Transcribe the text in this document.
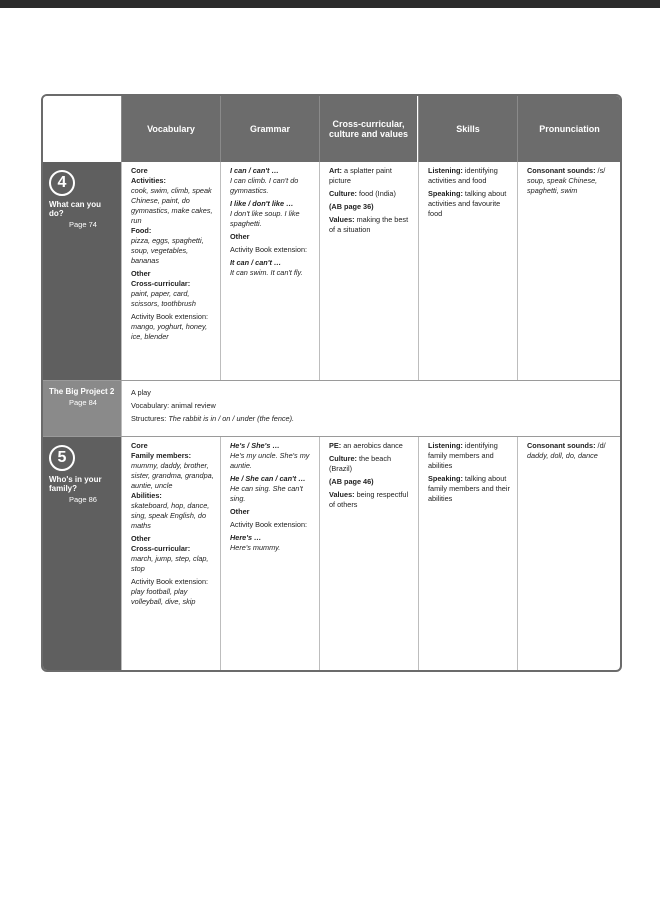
Vocabulary	Grammar
Cross-curricular, culture and values
Skills	Pronunciation
4
What can you do?
Page 74
Core
Activities:
cook, swim, climb, speak Chinese, paint, do gymnastics, make cakes, run
Food:
pizza, eggs, spaghetti, soup, vegetables, bananas
Other
Cross-curricular:
paint, paper, card, scissors, toothbrush
Activity Book extension:
mango, yoghurt, honey, ice, blender
I can / can't …
I can climb. I can't do gymnastics.
I like / don't like …
I don't like soup. I like spaghetti.
Other
Activity Book extension:
It can / can't …
It can swim. It can't fly.
Art: a splatter paint picture
Culture: food (India)
(AB page 36)
Values: making the best of a situation
Listening: identifying activities and food
Speaking: talking about activities and favourite food
Consonant sounds: /s/
soup, speak Chinese, spaghetti, swim
The Big Project 2
Page 84
A play
Vocabulary: animal review
Structures: The rabbit is in / on / under (the fence).
5
Who's in your family?
Page 86
Core
Family members:
mummy, daddy, brother, sister, grandma, grandpa, auntie, uncle
Abilities:
skateboard, hop, dance, sing, speak English, do maths
Other
Cross-curricular:
march, jump, step, clap, stop
Activity Book extension:
play football, play volleyball, dive, skip
He's / She's …
He's my uncle. She's my auntie.
He / She can / can't …
He can sing. She can't sing.
Other
Activity Book extension:
Here's …
Here's mummy.
PE: an aerobics dance
Culture: the beach (Brazil)
(AB page 46)
Values: being respectful of others
Listening: identifying family members and abilities
Speaking: talking about family members and their abilities
Consonant sounds: /d/
daddy, doll, do, dance
